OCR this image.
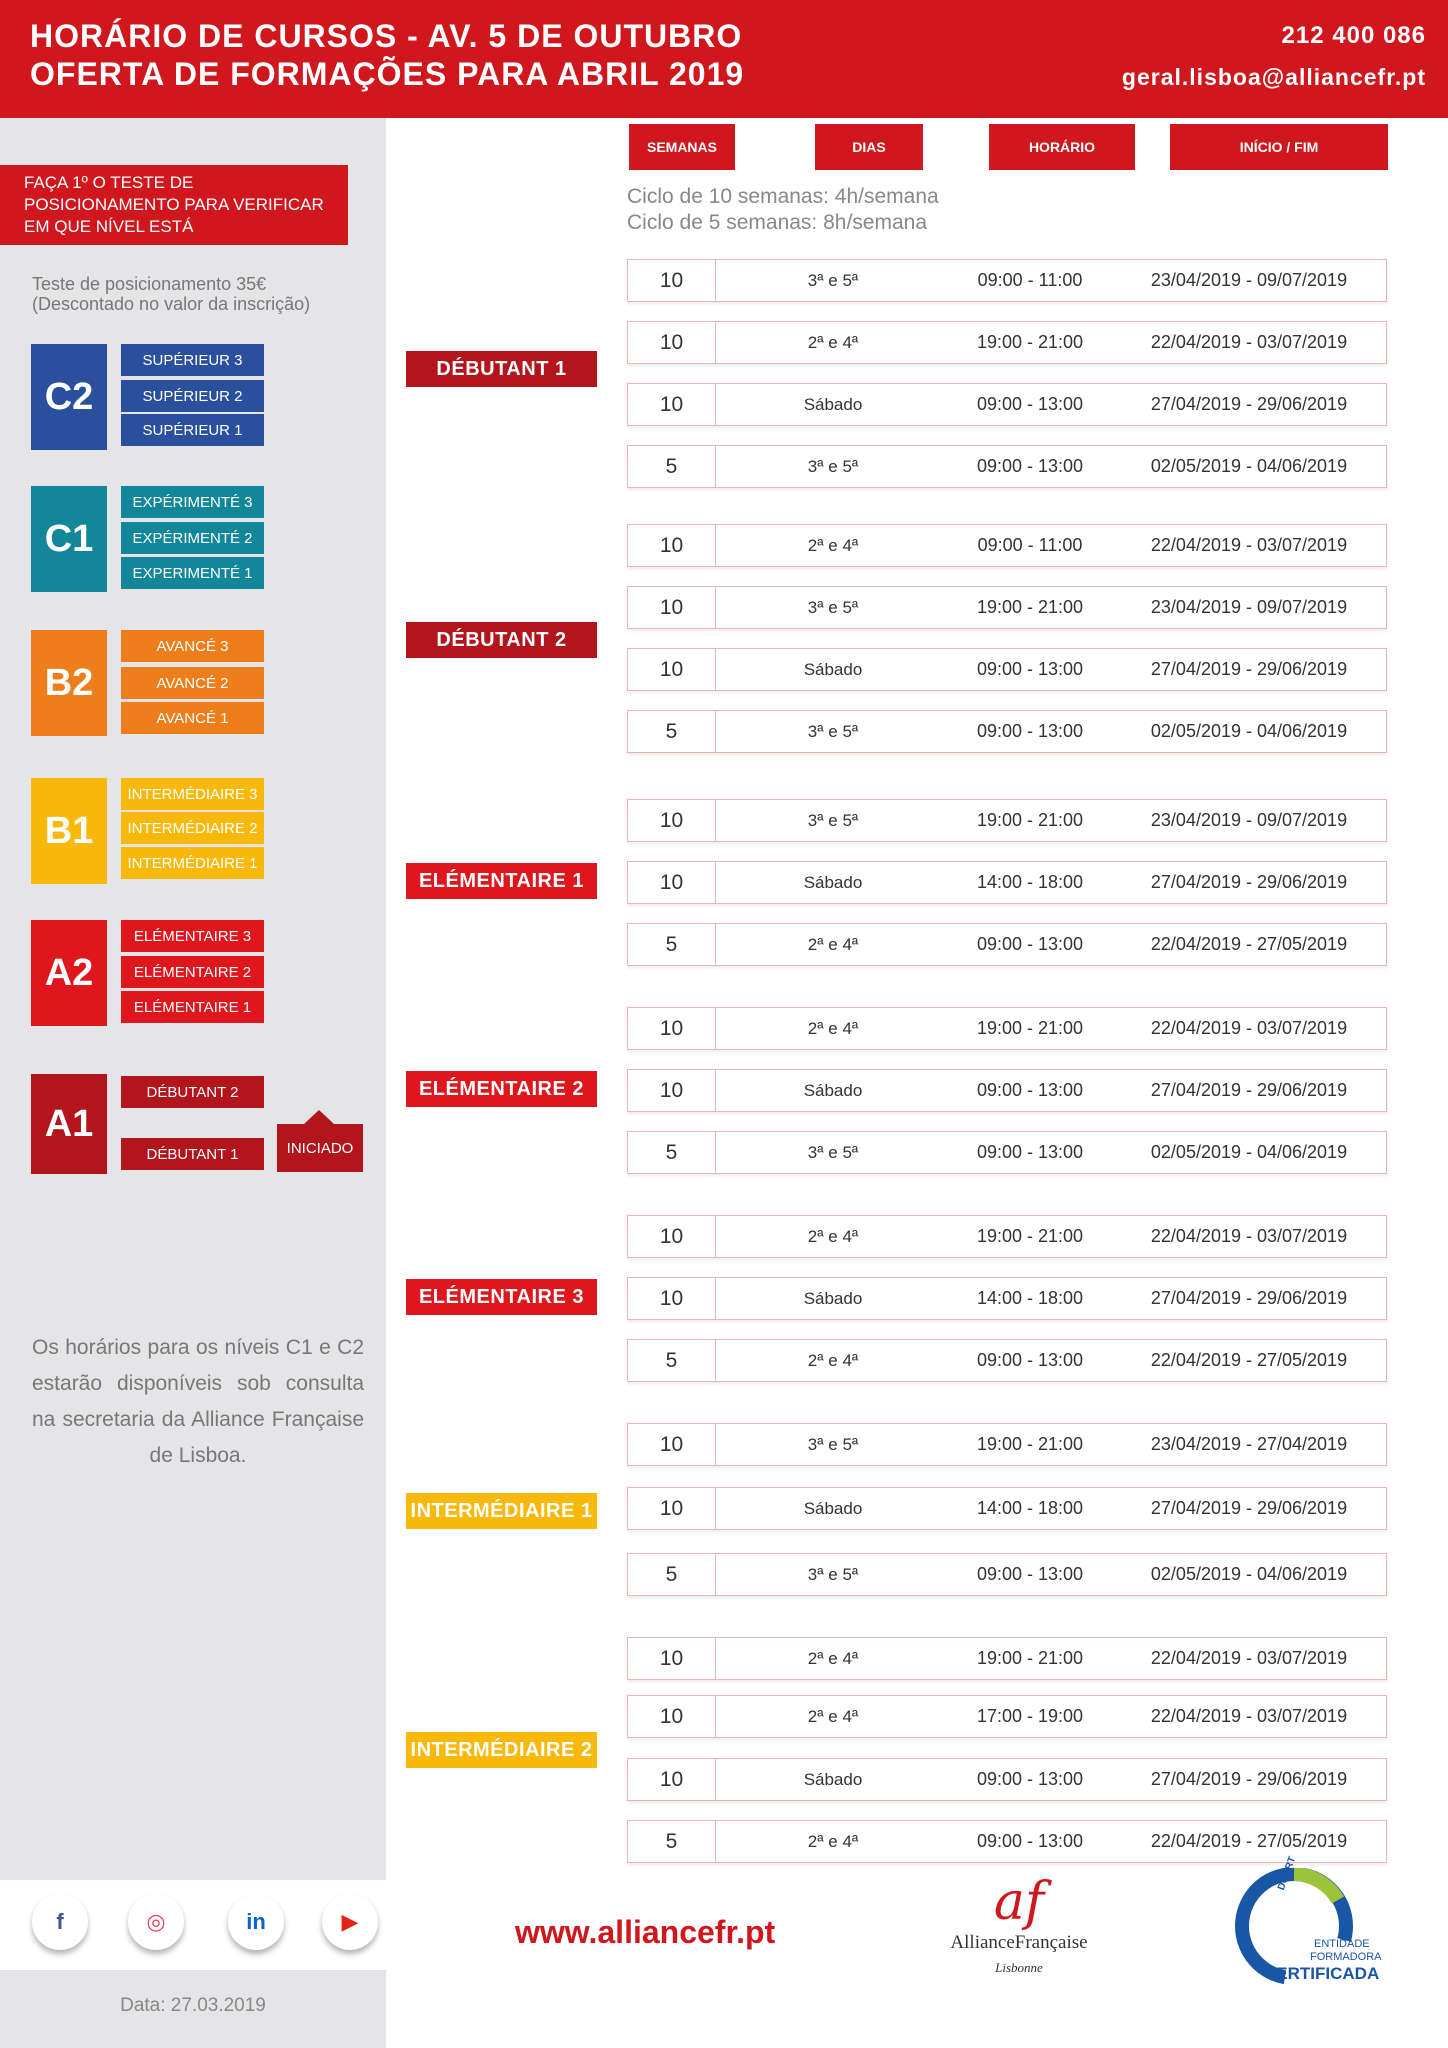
HORÁRIO DE CURSOS - AV. 5 DE OUTUBRO
OFERTA DE FORMAÇÕES PARA ABRIL 2019
212 400 086
geral.lisboa@alliancefr.pt
FAÇA 1º O TESTE DE POSICIONAMENTO PARA VERIFICAR EM QUE NÍVEL ESTÁ
Teste de posicionamento 35€
(Descontado no valor da inscrição)
C2
SUPÉRIEUR 3
SUPÉRIEUR 2
SUPÉRIEUR 1
C1
EXPÉRIMENTÉ 3
EXPÉRIMENTÉ 2
EXPERIMENTÉ 1
B2
AVANCÉ 3
AVANCÉ 2
AVANCÉ 1
B1
INTERMÉDIAIRE 3
INTERMÉDIAIRE 2
INTERMÉDIAIRE 1
A2
ELÉMENTAIRE 3
ELÉMENTAIRE 2
ELÉMENTAIRE 1
A1
DÉBUTANT 2
DÉBUTANT 1	INICIADO
Os horários para os níveis C1 e C2 estarão disponíveis sob consulta na secretaria da Alliance Française de Lisboa.
f	◎	in	▶
Data: 27.03.2019
SEMANAS	DIAS	HORÁRIO	INÍCIO / FIM
Ciclo de 10 semanas: 4h/semana
Ciclo de 5 semanas: 8h/semana
DÉBUTANT 1
10	3ª e 5ª	09:00 - 11:00	23/04/2019 - 09/07/2019
10	2ª e 4ª	19:00 - 21:00	22/04/2019 - 03/07/2019
10	Sábado	09:00 - 13:00	27/04/2019 - 29/06/2019
5	3ª e 5ª	09:00 - 13:00	02/05/2019 - 04/06/2019
DÉBUTANT 2
10	2ª e 4ª	09:00 - 11:00	22/04/2019 - 03/07/2019
10	3ª e 5ª	19:00 - 21:00	23/04/2019 - 09/07/2019
10	Sábado	09:00 - 13:00	27/04/2019 - 29/06/2019
5	3ª e 5ª	09:00 - 13:00	02/05/2019 - 04/06/2019
ELÉMENTAIRE 1
10	3ª e 5ª	19:00 - 21:00	23/04/2019 - 09/07/2019
10	Sábado	14:00 - 18:00	27/04/2019 - 29/06/2019
5	2ª e 4ª	09:00 - 13:00	22/04/2019 - 27/05/2019
ELÉMENTAIRE 2
10	2ª e 4ª	19:00 - 21:00	22/04/2019 - 03/07/2019
10	Sábado	09:00 - 13:00	27/04/2019 - 29/06/2019
5	3ª e 5ª	09:00 - 13:00	02/05/2019 - 04/06/2019
ELÉMENTAIRE 3
10	2ª e 4ª	19:00 - 21:00	22/04/2019 - 03/07/2019
10	Sábado	14:00 - 18:00	27/04/2019 - 29/06/2019
5	2ª e 4ª	09:00 - 13:00	22/04/2019 - 27/05/2019
INTERMÉDIAIRE 1
10	3ª e 5ª	19:00 - 21:00	23/04/2019 - 27/04/2019
10	Sábado	14:00 - 18:00	27/04/2019 - 29/06/2019
5	3ª e 5ª	09:00 - 13:00	02/05/2019 - 04/06/2019
INTERMÉDIAIRE 2
10	2ª e 4ª	19:00 - 21:00	22/04/2019 - 03/07/2019
10	2ª e 4ª	17:00 - 19:00	22/04/2019 - 03/07/2019
10	Sábado	09:00 - 13:00	27/04/2019 - 29/06/2019
5	2ª e 4ª	09:00 - 13:00	22/04/2019 - 27/05/2019
www.alliancefr.pt	af
AllianceFrançaise
Lisbonne
DGERT
ENTIDADE
FORMADORA
CERTIFICADA
